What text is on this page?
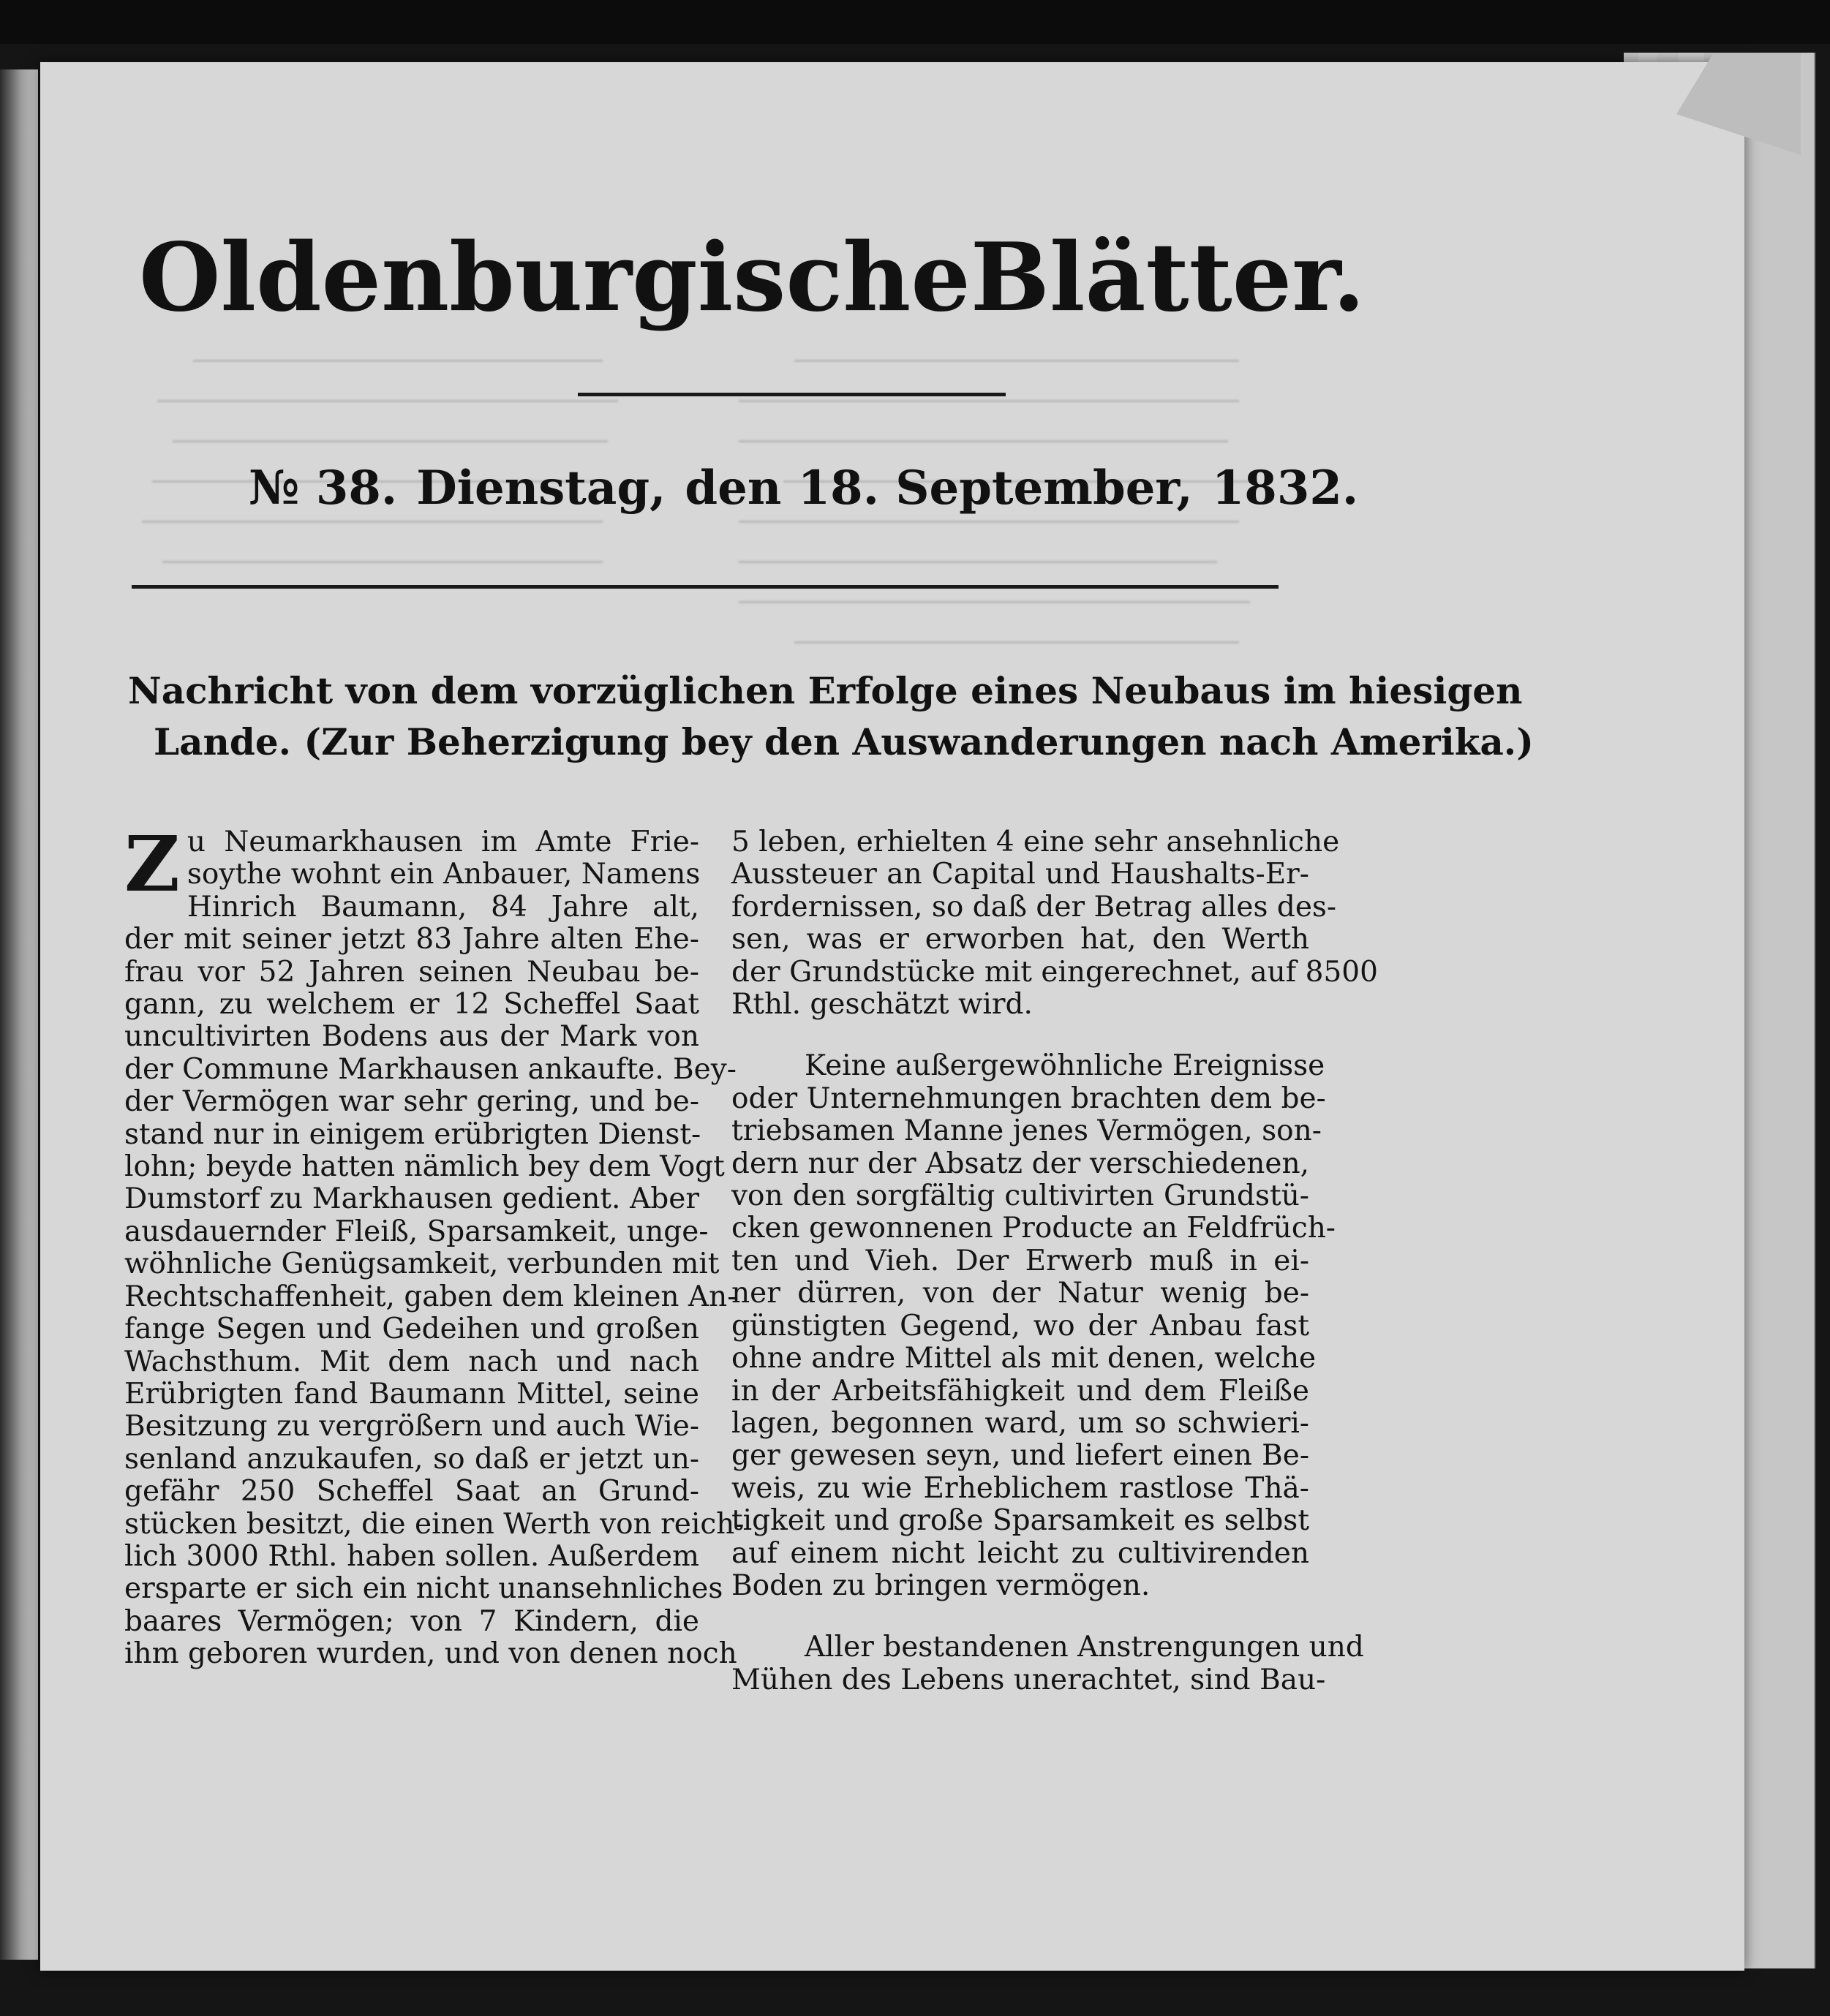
Oldenburgische Blätter.
№ 38. Dienstag, den 18. September, 1832.
Nachricht von dem vorzüglichen Erfolge eines Neubaus im hiesigen
Lande. (Zur Beherzigung bey den Auswanderungen nach Amerika.)
Z u Neumarkhausen im Amte Frie-
soythe wohnt ein Anbauer, Namens
Hinrich Baumann, 84 Jahre alt,
der mit seiner jetzt 83 Jahre alten Ehe-
frau vor 52 Jahren seinen Neubau be-
gann, zu welchem er 12 Scheffel Saat
uncultivirten Bodens aus der Mark von
der Commune Markhausen ankaufte. Bey-
der Vermögen war sehr gering, und be-
stand nur in einigem erübrigten Dienst-
lohn; beyde hatten nämlich bey dem Vogt
Dumstorf zu Markhausen gedient. Aber
ausdauernder Fleiß, Sparsamkeit, unge-
wöhnliche Genügsamkeit, verbunden mit
Rechtschaffenheit, gaben dem kleinen An-
fange Segen und Gedeihen und großen
Wachsthum. Mit dem nach und nach
Erübrigten fand Baumann Mittel, seine
Besitzung zu vergrößern und auch Wie-
senland anzukaufen, so daß er jetzt un-
gefähr 250 Scheffel Saat an Grund-
stücken besitzt, die einen Werth von reich-
lich 3000 Rthl. haben sollen. Außerdem
ersparte er sich ein nicht unansehnliches
baares Vermögen; von 7 Kindern, die
ihm geboren wurden, und von denen noch
5 leben, erhielten 4 eine sehr ansehnliche
Aussteuer an Capital und Haushalts-Er-
fordernissen, so daß der Betrag alles des-
sen, was er erworben hat, den Werth
der Grundstücke mit eingerechnet, auf 8500
Rthl. geschätzt wird.
Keine außergewöhnliche Ereignisse
oder Unternehmungen brachten dem be-
triebsamen Manne jenes Vermögen, son-
dern nur der Absatz der verschiedenen,
von den sorgfältig cultivirten Grundstü-
cken gewonnenen Producte an Feldfrüch-
ten und Vieh. Der Erwerb muß in ei-
ner dürren, von der Natur wenig be-
günstigten Gegend, wo der Anbau fast
ohne andre Mittel als mit denen, welche
in der Arbeitsfähigkeit und dem Fleiße
lagen, begonnen ward, um so schwieri-
ger gewesen seyn, und liefert einen Be-
weis, zu wie Erheblichem rastlose Thä-
tigkeit und große Sparsamkeit es selbst
auf einem nicht leicht zu cultivirenden
Boden zu bringen vermögen.
Aller bestandenen Anstrengungen und
Mühen des Lebens unerachtet, sind Bau-
